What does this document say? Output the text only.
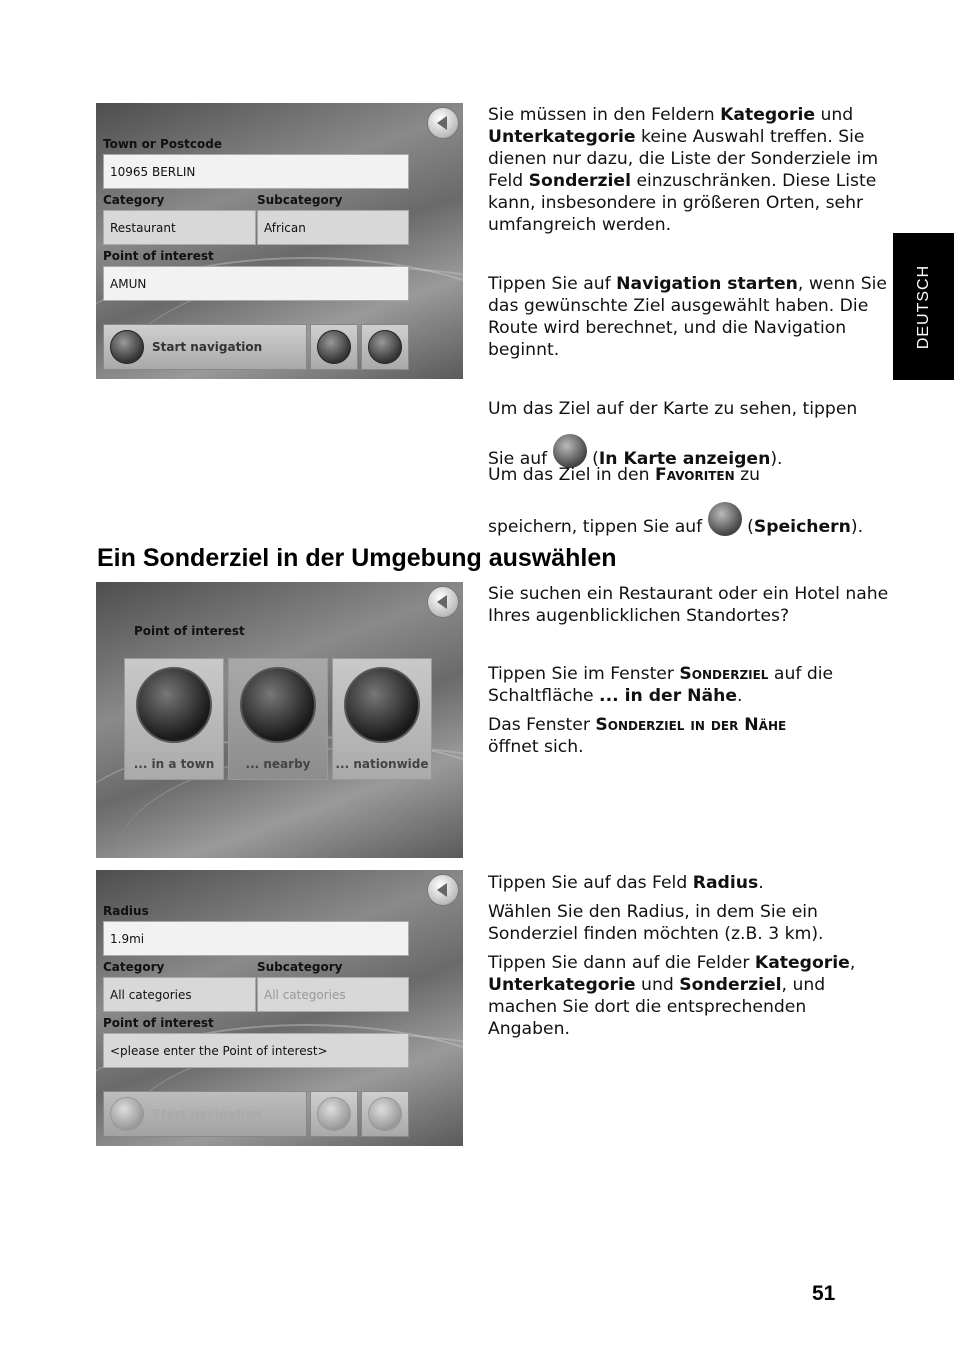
DEUTSCH
Town or Postcode
10965 BERLIN
Category	Subcategory
Restaurant	African
Point of interest
AMUN
Start navigation
Sie müssen in den Feldern Kategorie und Unterkategorie keine Auswahl treffen. Sie dienen nur dazu, die Liste der Sonderziele im Feld Sonderziel einzuschränken. Diese Liste kann, insbesondere in größeren Orten, sehr umfangreich werden.
Tippen Sie auf Navigation starten, wenn Sie das gewünschte Ziel ausgewählt haben. Die Route wird berechnet, und die Navigation beginnt.
Um das Ziel auf der Karte zu sehen, tippen
Sie auf  (In Karte anzeigen).
Um das Ziel in den Favoriten zu
speichern, tippen Sie auf  (Speichern).
Ein Sonderziel in der Umgebung auswählen
Point of interest
... in a town	... nearby	... nationwide
Sie suchen ein Restaurant oder ein Hotel nahe Ihres augenblicklichen Standortes?
Tippen Sie im Fenster Sonderziel auf die Schaltfläche ... in der Nähe.
Das Fenster Sonderziel in der Nähe
öffnet sich.
Radius
1.9mi
Category	Subcategory
All categories	All categories
Point of interest
<please enter the Point of interest>
Start navigation
Tippen Sie auf das Feld Radius.
Wählen Sie den Radius, in dem Sie ein Sonderziel finden möchten (z.B. 3 km).
Tippen Sie dann auf die Felder Kategorie, Unterkategorie und Sonderziel, und machen Sie dort die entsprechenden Angaben.
51
